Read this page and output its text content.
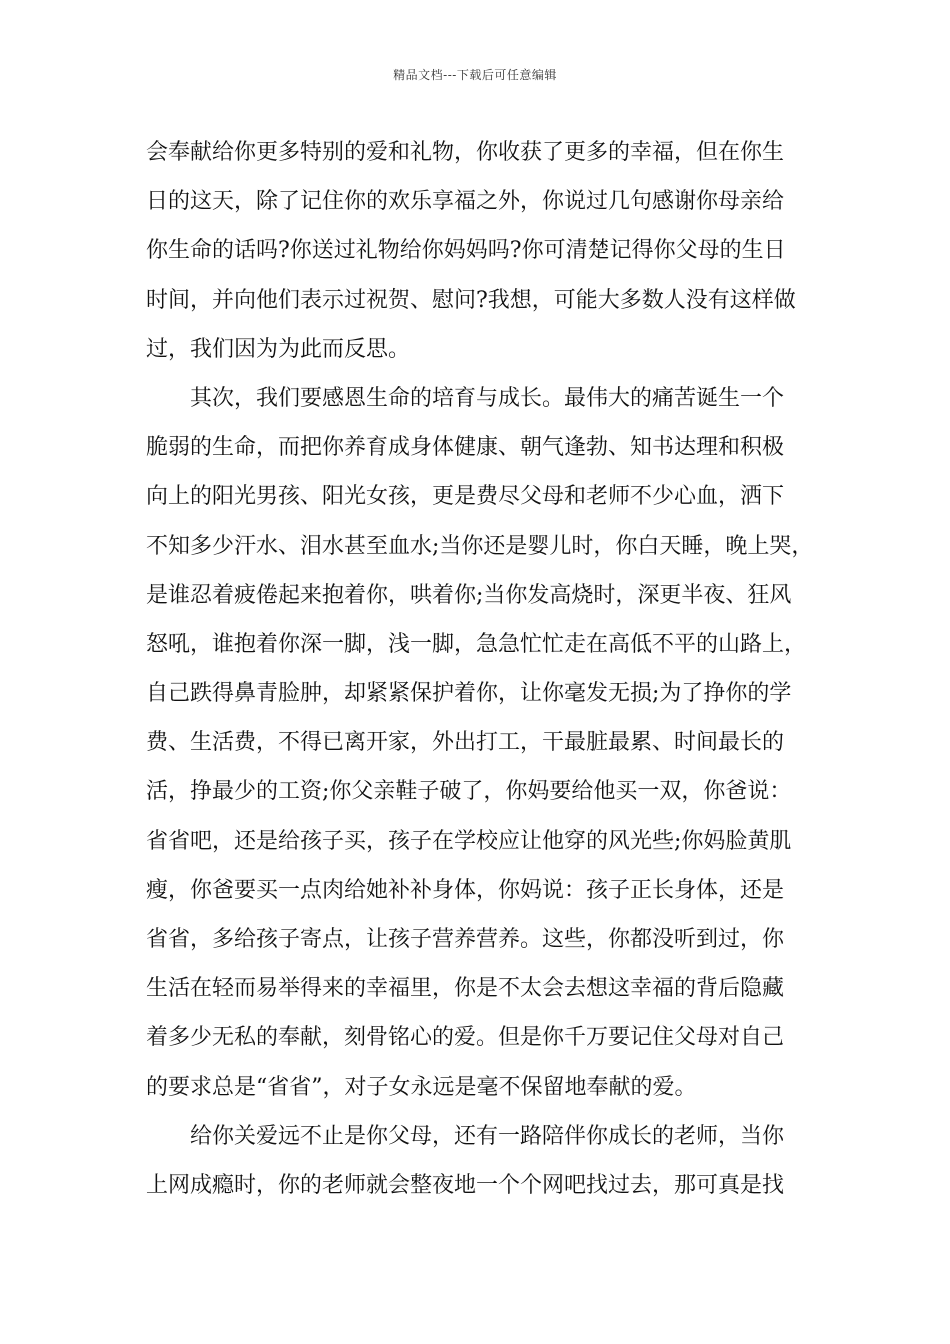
精品文档---下载后可任意编辑
会奉献给你更多特别的爱和礼物，你收获了更多的幸福，但在你生
日的这天，除了记住你的欢乐享福之外，你说过几句感谢你母亲给
你生命的话吗?你送过礼物给你妈妈吗?你可清楚记得你父母的生日
时间，并向他们表示过祝贺、慰问?我想，可能大多数人没有这样做
过，我们因为为此而反思。
　　其次，我们要感恩生命的培育与成长。最伟大的痛苦诞生一个
脆弱的生命，而把你养育成身体健康、朝气逢勃、知书达理和积极
向上的阳光男孩、阳光女孩，更是费尽父母和老师不少心血，洒下
不知多少汗水、泪水甚至血水;当你还是婴儿时，你白天睡，晚上哭，
是谁忍着疲倦起来抱着你，哄着你;当你发高烧时，深更半夜、狂风
怒吼，谁抱着你深一脚，浅一脚，急急忙忙走在高低不平的山路上，
自己跌得鼻青脸肿，却紧紧保护着你，让你毫发无损;为了挣你的学
费、生活费，不得已离开家，外出打工，干最脏最累、时间最长的
活，挣最少的工资;你父亲鞋子破了，你妈要给他买一双，你爸说：
省省吧，还是给孩子买，孩子在学校应让他穿的风光些;你妈脸黄肌
瘦，你爸要买一点肉给她补补身体，你妈说：孩子正长身体，还是
省省，多给孩子寄点，让孩子营养营养。这些，你都没听到过，你
生活在轻而易举得来的幸福里，你是不太会去想这幸福的背后隐藏
着多少无私的奉献，刻骨铭心的爱。但是你千万要记住父母对自己
的要求总是“省省”，对子女永远是毫不保留地奉献的爱。
　　给你关爱远不止是你父母，还有一路陪伴你成长的老师，当你
上网成瘾时，你的老师就会整夜地一个个网吧找过去，那可真是找
